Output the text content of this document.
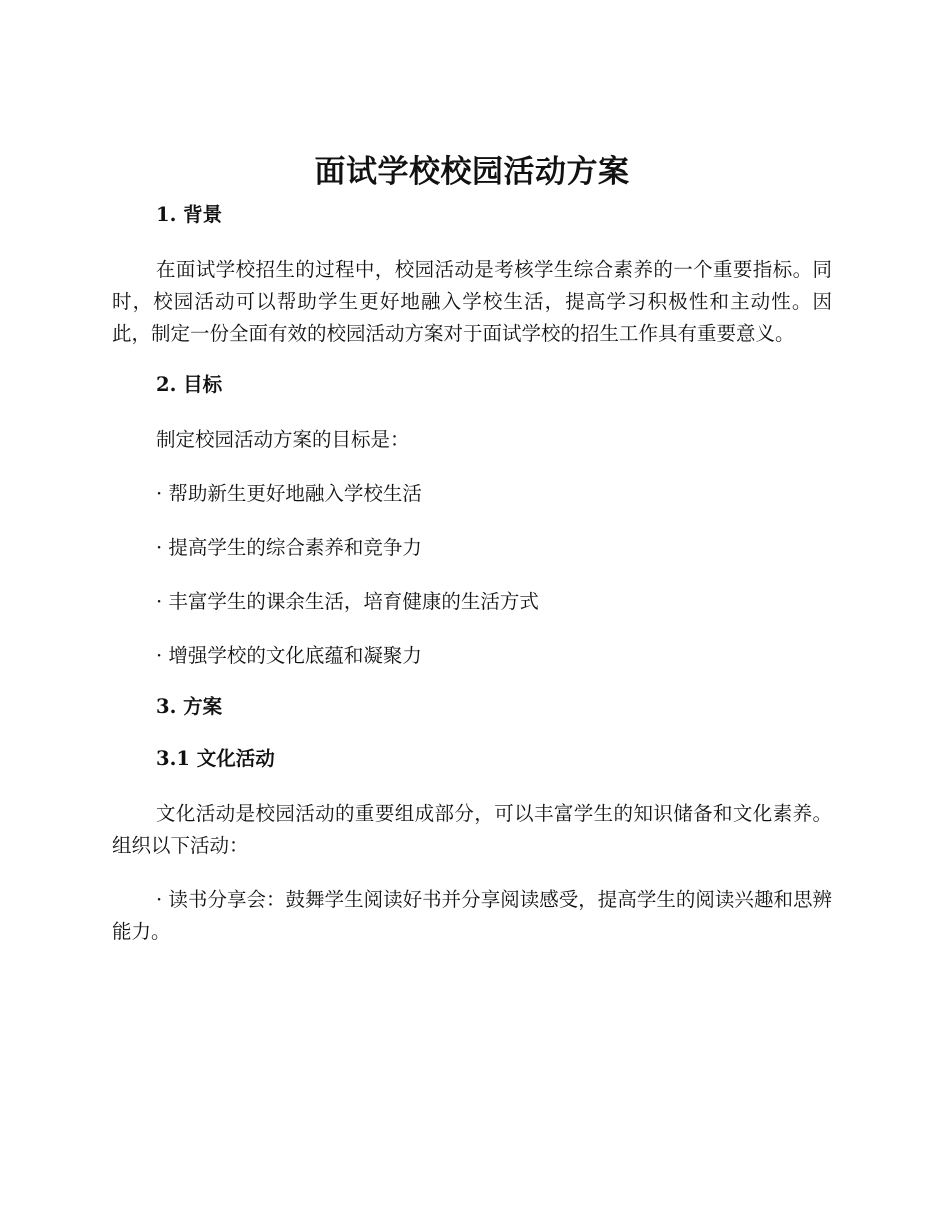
面试学校校园活动方案
1. 背景

在面试学校招生的过程中，校园活动是考核学生综合素养的一个重要指标。同时，校园活动可以帮助学生更好地融入学校生活，提高学习积极性和主动性。因此，制定一份全面有效的校园活动方案对于面试学校的招生工作具有重要意义。

2. 目标
制定校园活动方案的目标是：
· 帮助新生更好地融入学校生活
· 提高学生的综合素养和竞争力
· 丰富学生的课余生活，培育健康的生活方式
· 增强学校的文化底蕴和凝聚力
3. 方案
3.1 文化活动

文化活动是校园活动的重要组成部分，可以丰富学生的知识储备和文化素养。组织以下活动：

· 读书分享会：鼓舞学生阅读好书并分享阅读感受，提高学生的阅读兴趣和思辨能力。
